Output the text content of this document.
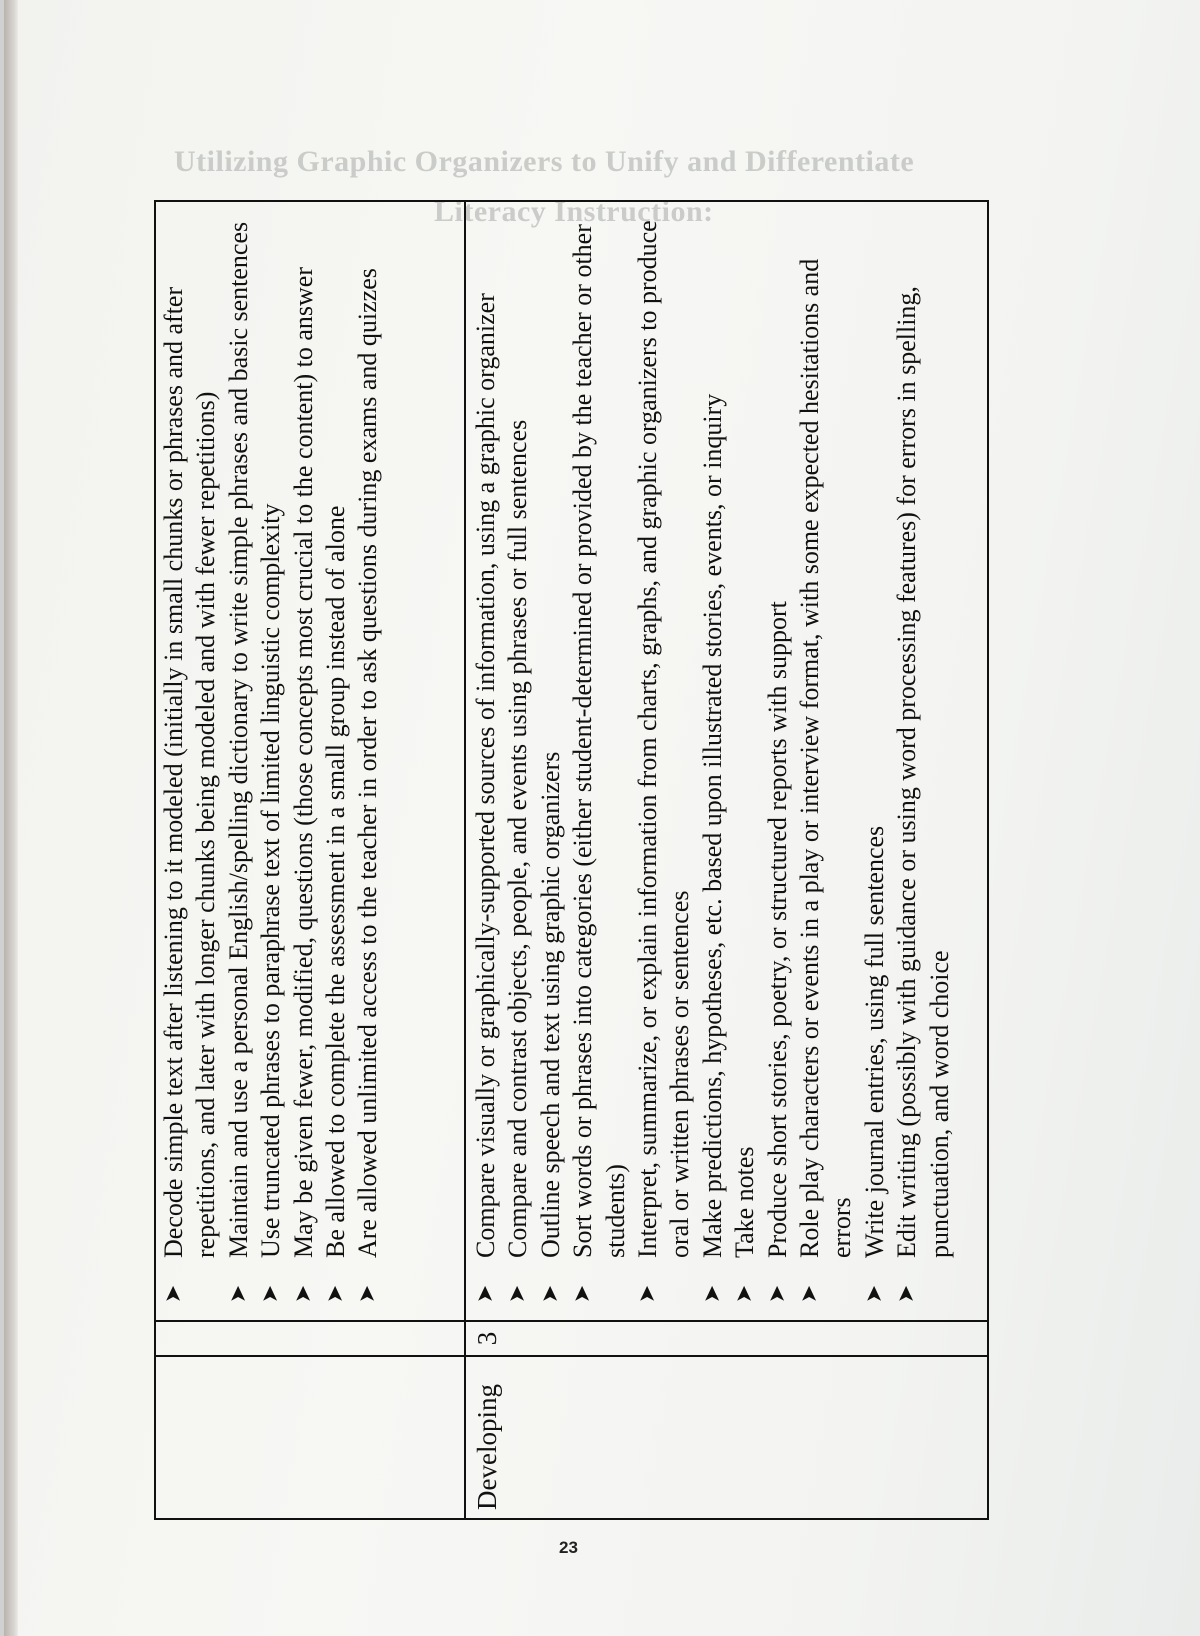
Utilizing Graphic Organizers to Unify and Differentiate
Literacy Instruction:
➤
Decode simple text after listening to it modeled (initially in small chunks or phrases and after repetitions, and later with longer chunks being modeled and with fewer repetitions)
➤
Maintain and use a personal English/spelling dictionary to write simple phrases and basic sentences
➤
Use truncated phrases to paraphrase text of limited linguistic complexity
➤
May be given fewer, modified, questions (those concepts most crucial to the content) to answer
➤
Be allowed to complete the assessment in a small group instead of alone
➤
Are allowed unlimited access to the teacher in order to ask questions during exams and quizzes
Developing
3
➤
Compare visually or graphically-supported sources of information, using a graphic organizer
➤
Compare and contrast objects, people, and events using phrases or full sentences
➤
Outline speech and text using graphic organizers
➤
Sort words or phrases into categories (either student-determined or provided by the teacher or other students)
➤
Interpret, summarize, or explain information from charts, graphs, and graphic organizers to produce oral or written phrases or sentences
➤
Make predictions, hypotheses, etc. based upon illustrated stories, events, or inquiry
➤
Take notes
➤
Produce short stories, poetry, or structured reports with support
➤
Role play characters or events in a play or interview format, with some expected hesitations and errors
➤
Write journal entries, using full sentences
➤
Edit writing (possibly with guidance or using word processing features) for errors in spelling, punctuation, and word choice
23
